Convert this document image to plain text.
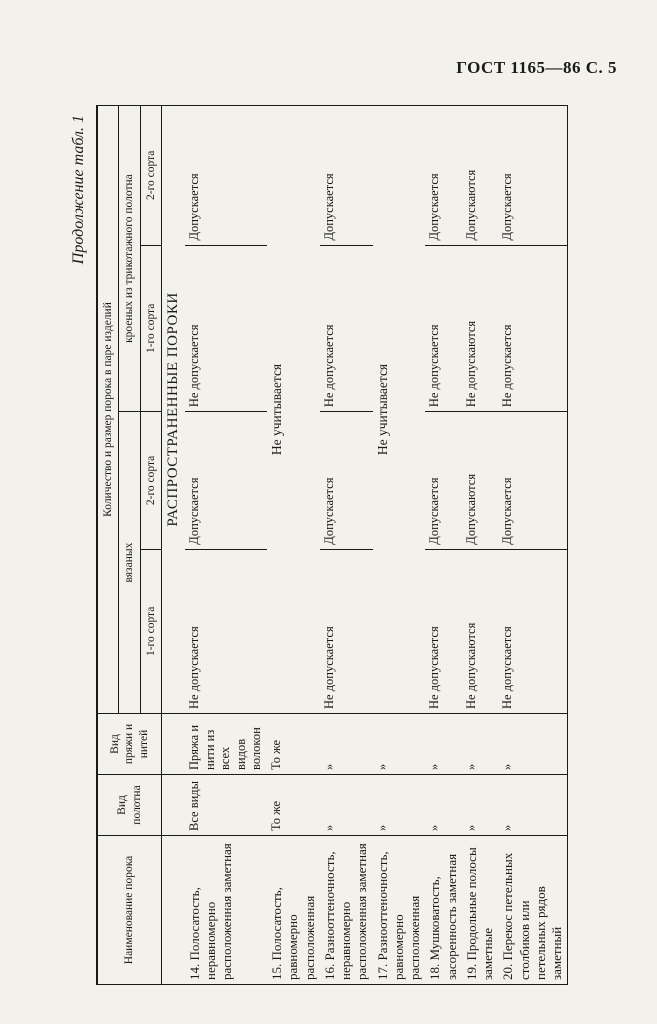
ГОСТ 1165—86 С. 5
Продолжение табл. 1
Наименование порока	Вид полотна	Вид пряжи и нитей	Количество и размер порока в паре изделий			
			вязаных		кроеных из трикотажного полотна	
			1-го сорта	2-го сорта	1-го сорта	2-го сорта
			РАСПРОСТРАНЕННЫЕ ПОРОКИ			
14. Полосатость, неравномерно расположенная заметная	Все виды	Пряжа и нити из всех видов волокон	Не допускается	Допускается	Не допускается	Допускается
15. Полосатость, равномерно расположенная	То же	То же	Не учитывается			
16. Разнооттеночность, неравномерно расположенная заметная	»	»	Не допускается	Допускается	Не допускается	Допускается
17. Разнооттеночность, равномерно расположенная	»	»	Не учитывается			
18. Мушковатость, засоренность заметная	»	»	Не допускается	Допускается	Не допускается	Допускается
19. Продольные полосы заметные	»	»	Не допускаются	Допускаются	Не допускаются	Допускаются
20. Перекос петельных столбиков или петельных рядов заметный	»	»	Не допускается	Допускается	Не допускается	Допускается
